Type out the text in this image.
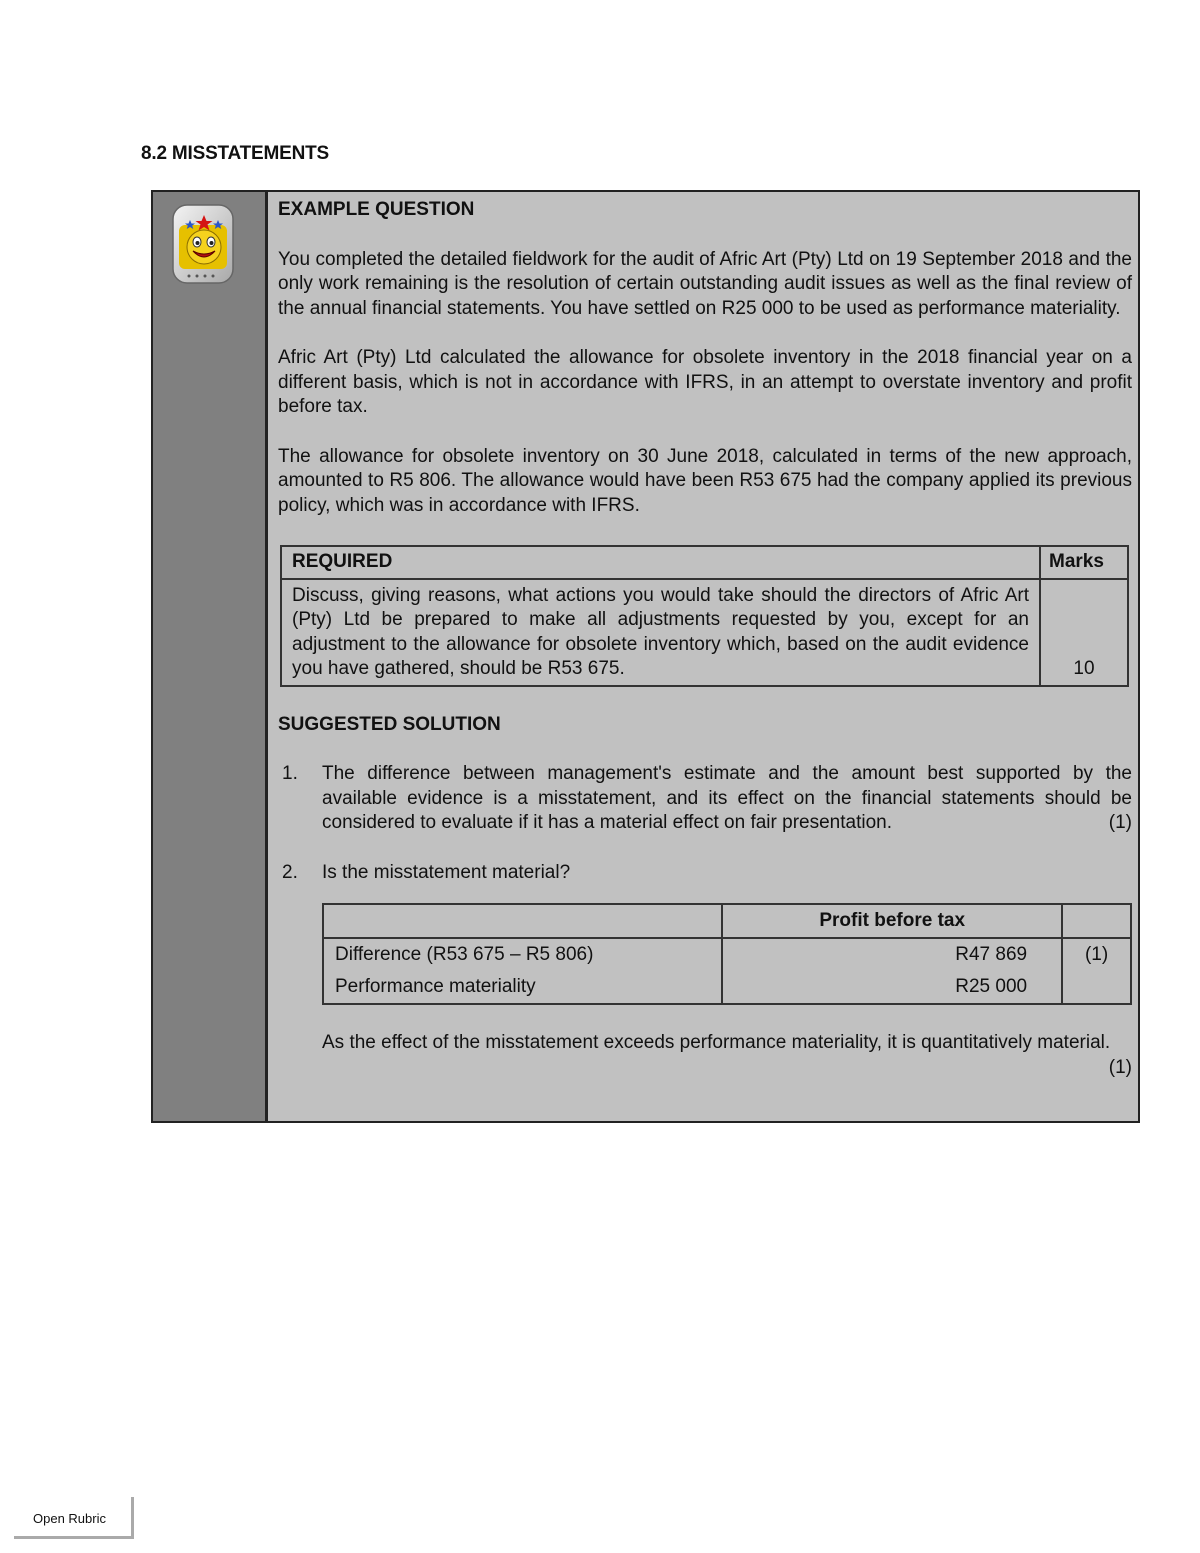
8.2 MISSTATEMENTS

EXAMPLE QUESTION

You completed the detailed fieldwork for the audit of Afric Art (Pty) Ltd on 19 September 2018 and the only work remaining is the resolution of certain outstanding audit issues as well as the final review of the annual financial statements. You have settled on R25 000 to be used as performance materiality.

Afric Art (Pty) Ltd calculated the allowance for obsolete inventory in the 2018 financial year on a different basis, which is not in accordance with IFRS, in an attempt to overstate inventory and profit before tax.

The allowance for obsolete inventory on 30 June 2018, calculated in terms of the new approach, amounted to R5 806. The allowance would have been R53 675 had the company applied its previous policy, which was in accordance with IFRS.

REQUIRED	Marks
Discuss, giving reasons, what actions you would take should the directors of Afric Art (Pty) Ltd be prepared to make all adjustments requested by you, except for an adjustment to the allowance for obsolete inventory which, based on the audit evidence you have gathered, should be R53 675.	10

SUGGESTED SOLUTION

1.	The difference between management's estimate and the amount best supported by the available evidence is a misstatement, and its effect on the financial statements should be considered to evaluate if it has a material effect on fair presentation.	(1)
2.	Is the misstatement material?
	Profit before tax	
Difference (R53 675 – R5 806)	R47 869	(1)
Performance materiality	R25 000	
As the effect of the misstatement exceeds performance materiality, it is quantitatively material.
(1)
Open Rubric
